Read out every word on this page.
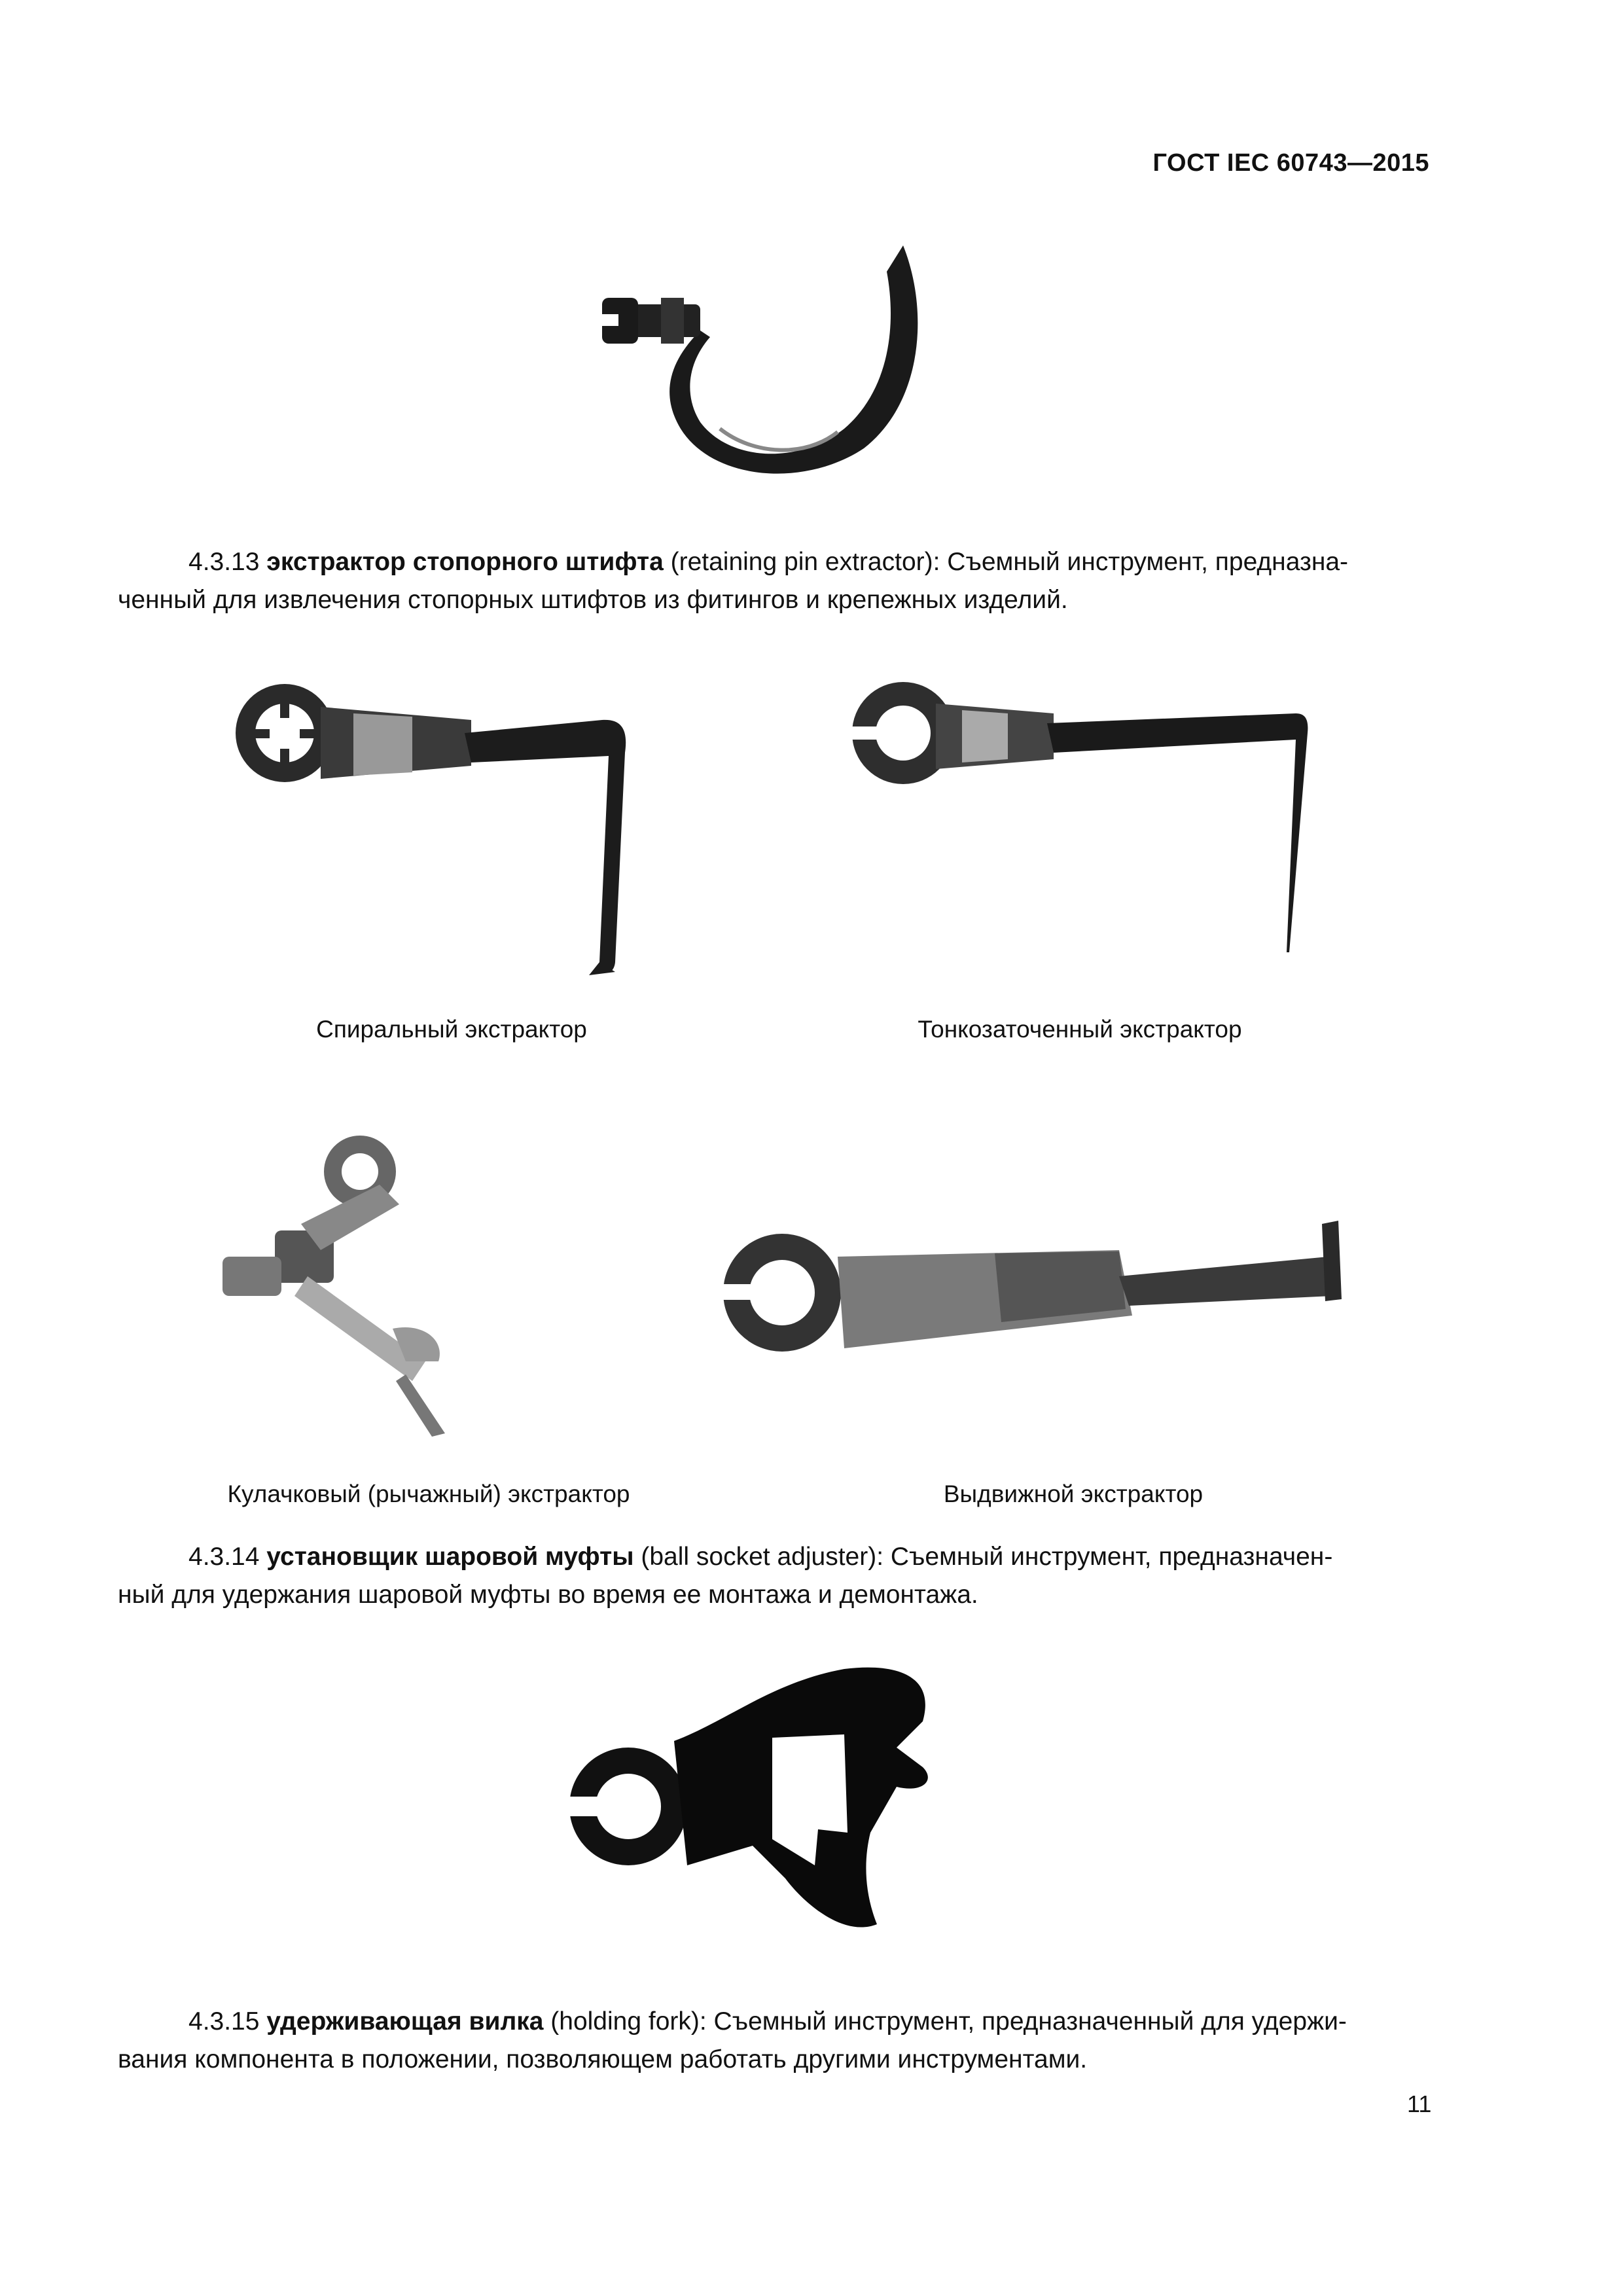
ГОСТ IEC 60743—2015
4.3.13 экстрактор стопорного штифта (retaining pin extractor): Съемный инструмент, предназна-
ченный для извлечения стопорных штифтов из фитингов и крепежных изделий.
Спиральный экстрактор	Тонкозаточенный экстрактор
Кулачковый (рычажный) экстрактор	Выдвижной экстрактор
4.3.14 установщик шаровой муфты (ball socket adjuster): Съемный инструмент, предназначен-
ный для удержания шаровой муфты во время ее монтажа и демонтажа.
4.3.15 удерживающая вилка (holding fork): Съемный инструмент, предназначенный для удержи-
вания компонента в положении, позволяющем работать другими инструментами.
11
